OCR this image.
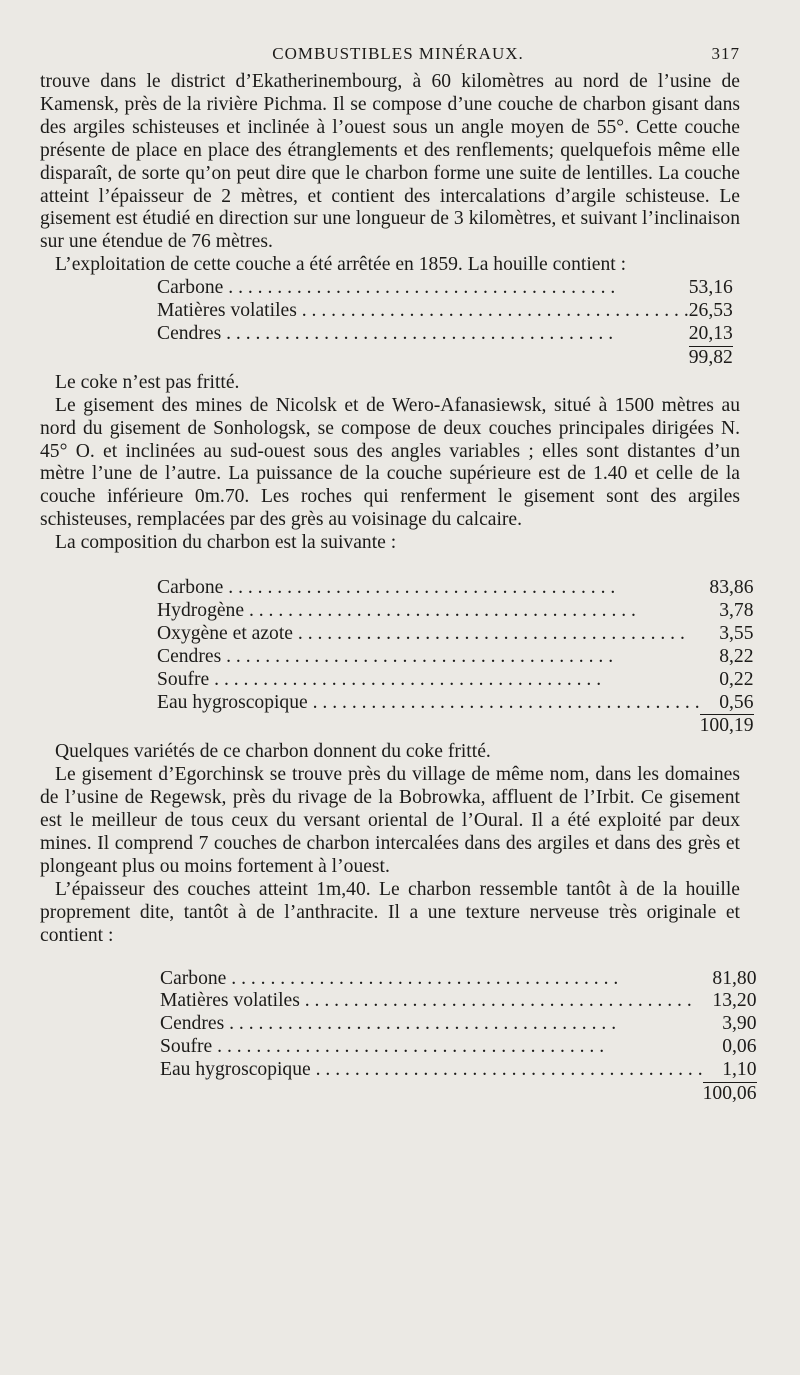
COMBUSTIBLES MINÉRAUX.	317

trouve dans le district d’Ekatherinembourg, à 60 kilomètres au nord de l’usine de Kamensk, près de la rivière Pichma. Il se compose d’une couche de charbon gisant dans des argiles schisteuses et inclinée à l’ouest sous un angle moyen de 55°. Cette couche présente de place en place des étranglements et des renflements; quelquefois même elle disparaît, de sorte qu’on peut dire que le charbon forme une suite de lentilles. La couche atteint l’épaisseur de 2 mètres, et contient des intercalations d’argile schisteuse. Le gisement est étudié en direction sur une longueur de 3 kilomètres, et suivant l’inclinaison sur une étendue de 76 mètres.

L’exploitation de cette couche a été arrêtée en 1859. La houille contient :

Carbone . . . . . . . . . . . . . . . . . . . . . . . . . . . . . . . . . . . . . . . .	53,16
Matières volatiles . . . . . . . . . . . . . . . . . . . . . . . . . . . . . . . . . . . . . . . .	26,53
Cendres . . . . . . . . . . . . . . . . . . . . . . . . . . . . . . . . . . . . . . . .	20,13
	99,82

Le coke n’est pas fritté.

Le gisement des mines de Nicolsk et de Wero-Afanasiewsk, situé à 1500 mètres au nord du gisement de Sonhologsk, se compose de deux couches principales dirigées N. 45° O. et inclinées au sud-ouest sous des angles variables ; elles sont distantes d’un mètre l’une de l’autre. La puissance de la couche supérieure est de 1.40 et celle de la couche inférieure 0m.70. Les roches qui renferment le gisement sont des argiles schisteuses, remplacées par des grès au voisinage du calcaire.

La composition du charbon est la suivante :

Carbone . . . . . . . . . . . . . . . . . . . . . . . . . . . . . . . . . . . . . . . .	83,86
Hydrogène . . . . . . . . . . . . . . . . . . . . . . . . . . . . . . . . . . . . . . . .	3,78
Oxygène et azote . . . . . . . . . . . . . . . . . . . . . . . . . . . . . . . . . . . . . . . .	3,55
Cendres . . . . . . . . . . . . . . . . . . . . . . . . . . . . . . . . . . . . . . . .	8,22
Soufre . . . . . . . . . . . . . . . . . . . . . . . . . . . . . . . . . . . . . . . .	0,22
Eau hygroscopique . . . . . . . . . . . . . . . . . . . . . . . . . . . . . . . . . . . . . . . .	0,56
	100,19

Quelques variétés de ce charbon donnent du coke fritté.

Le gisement d’Egorchinsk se trouve près du village de même nom, dans les domaines de l’usine de Regewsk, près du rivage de la Bobrowka, affluent de l’Irbit. Ce gisement est le meilleur de tous ceux du versant oriental de l’Oural. Il a été exploité par deux mines. Il comprend 7 couches de charbon intercalées dans des argiles et dans des grès et plongeant plus ou moins fortement à l’ouest.

L’épaisseur des couches atteint 1m,40. Le charbon ressemble tantôt à de la houille proprement dite, tantôt à de l’anthracite. Il a une texture nerveuse très originale et contient :

Carbone . . . . . . . . . . . . . . . . . . . . . . . . . . . . . . . . . . . . . . . .	81,80
Matières volatiles . . . . . . . . . . . . . . . . . . . . . . . . . . . . . . . . . . . . . . . .	13,20
Cendres . . . . . . . . . . . . . . . . . . . . . . . . . . . . . . . . . . . . . . . .	3,90
Soufre . . . . . . . . . . . . . . . . . . . . . . . . . . . . . . . . . . . . . . . .	0,06
Eau hygroscopique . . . . . . . . . . . . . . . . . . . . . . . . . . . . . . . . . . . . . . . .	1,10
	100,06
